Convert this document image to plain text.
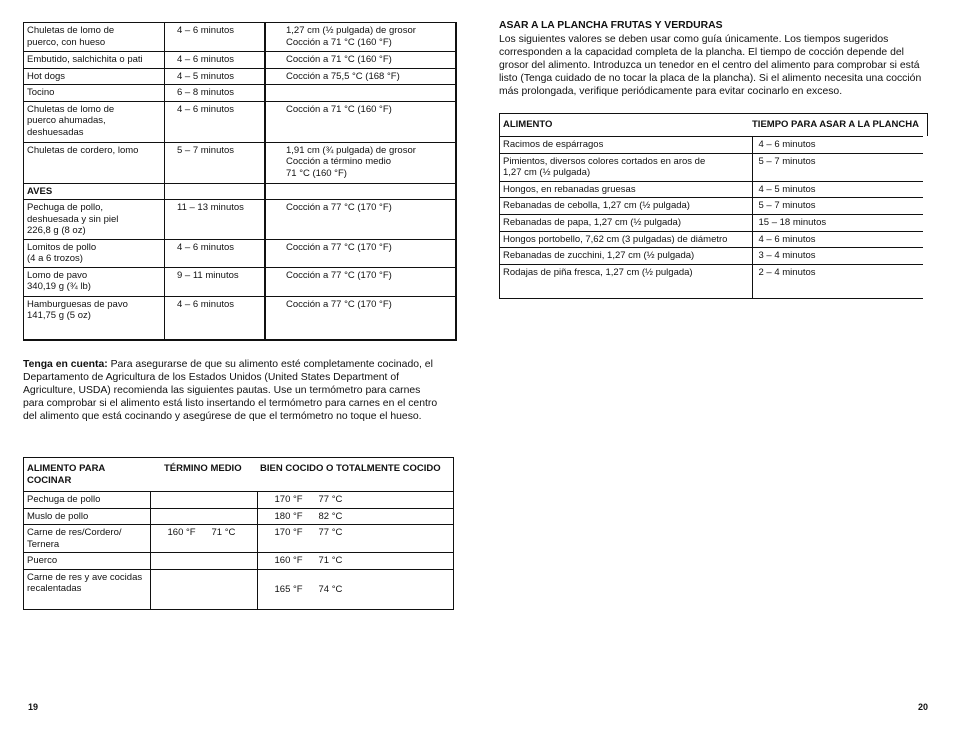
Chuletas de lomo de
puerco, con hueso	4 – 6 minutos	1,27 cm (½ pulgada) de grosor
Cocción a 71 °C (160 °F)
Embutido, salchichita o pati	4 – 6 minutos	Cocción a 71 °C (160 °F)
Hot dogs	4 – 5 minutos	Cocción a 75,5 °C (168 °F)
Tocino	6 – 8 minutos	

Chuletas de lomo de
puerco ahumadas,
deshuesadas	4 – 6 minutos	Cocción a 71 °C (160 °F)
Chuletas de cordero, lomo	5 – 7 minutos	1,91 cm (¾ pulgada) de grosor
Cocción a término medio
71 °C (160 °F)
AVES		
Pechuga de pollo,
deshuesada y sin piel
226,8 g (8 oz)	11 – 13 minutos	Cocción a 77 °C (170 °F)
Lomitos de pollo
(4 a 6 trozos)	4 – 6 minutos	Cocción a 77 °C (170 °F)
Lomo de pavo
340,19 g (¾ lb)	9 – 11 minutos	Cocción a 77 °C (170 °F)
Hamburguesas de pavo
141,75 g (5 oz)	4 – 6 minutos	Cocción a 77 °C (170 °F)

Tenga en cuenta: Para asegurarse de que su alimento esté completamente cocinado, el Departamento de Agricultura de los Estados Unidos (United States Department of Agriculture, USDA) recomienda las siguientes pautas. Use un termómetro para carnes para comprobar si el alimento está listo insertando el termómetro para carnes en el centro del alimento que está cocinando y asegúrese de que el termómetro no toque el hueso.

ALIMENTO PARA COCINAR	TÉRMINO MEDIO	BIEN COCIDO O TOTALMENTE COCIDO
Pechuga de pollo		170 °F 77 °C
Muslo de pollo		180 °F 82 °C
Carne de res/Cordero/
Ternera	160 °F 71 °C	170 °F 77 °C
Puerco		160 °F 71 °C
Carne de res y ave cocidas
recalentadas		165 °F 74 °C
19

ASAR A LA PLANCHA FRUTAS Y VERDURAS

Los siguientes valores se deben usar como guía únicamente. Los tiempos sugeridos corresponden a la capacidad completa de la plancha. El tiempo de cocción depende del grosor del alimento. Introduzca un tenedor en el centro del alimento para comprobar si está listo (Tenga cuidado de no tocar la placa de la plancha). Si el alimento necesita una cocción más prolongada, verifique periódicamente para evitar cocinarlo en exceso.

ALIMENTO	TIEMPO PARA ASAR A LA PLANCHA
Racimos de espárragos	4 – 6 minutos
Pimientos, diversos colores cortados en aros de
1,27 cm (½ pulgada)	5 – 7 minutos
Hongos, en rebanadas gruesas	4 – 5 minutos
Rebanadas de cebolla, 1,27 cm (½ pulgada)	5 – 7 minutos
Rebanadas de papa, 1,27 cm (½ pulgada)	15 – 18 minutos
Hongos portobello, 7,62 cm (3 pulgadas) de diámetro	4 – 6 minutos
Rebanadas de zucchini, 1,27 cm (½ pulgada)	3 – 4 minutos
Rodajas de piña fresca, 1,27 cm (½ pulgada)	2 – 4 minutos
20
